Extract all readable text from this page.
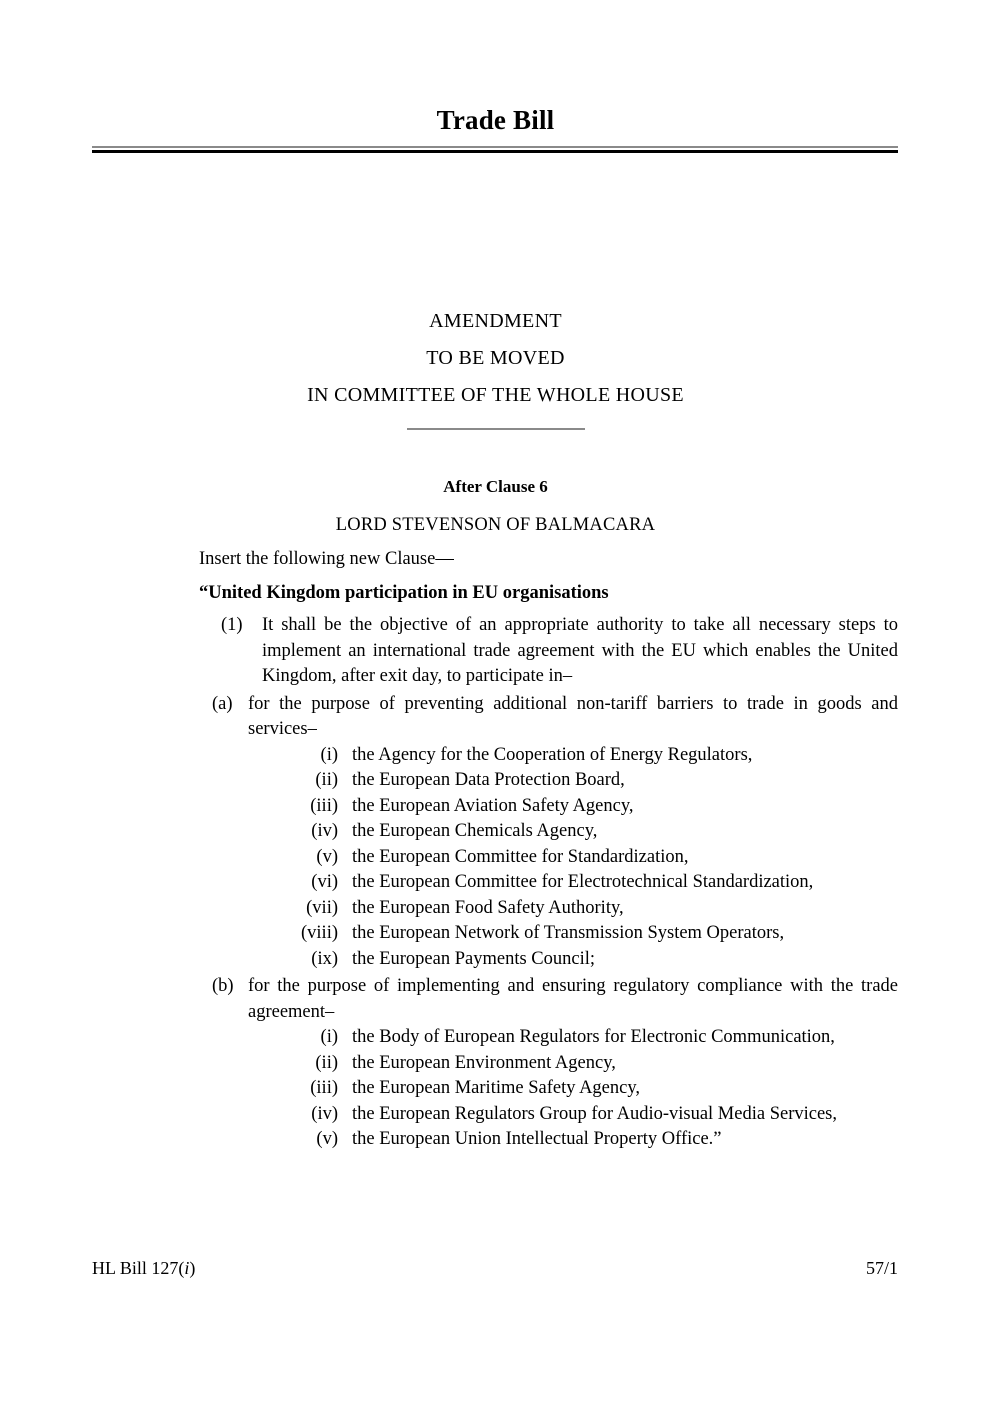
Trade Bill
AMENDMENT
TO BE MOVED
IN COMMITTEE OF THE WHOLE HOUSE
After Clause 6
LORD STEVENSON OF BALMACARA

Insert the following new Clause—

“United Kingdom participation in EU organisations

(1)	It shall be the objective of an appropriate authority to take all necessary steps to implement an international trade agreement with the EU which enables the United Kingdom, after exit day, to participate in–
(a) for the purpose of preventing additional non-tariff barriers to trade in goods and services–
(i) the Agency for the Cooperation of Energy Regulators,
(ii) the European Data Protection Board,
(iii) the European Aviation Safety Agency,
(iv) the European Chemicals Agency,
(v) the European Committee for Standardization,
(vi) the European Committee for Electrotechnical Standardization,
(vii) the European Food Safety Authority,
(viii) the European Network of Transmission System Operators,
(ix) the European Payments Council;
(b) for the purpose of implementing and ensuring regulatory compliance with the trade agreement–
(i) the Body of European Regulators for Electronic Communication,
(ii) the European Environment Agency,
(iii) the European Maritime Safety Agency,
(iv) the European Regulators Group for Audio-visual Media Services,
(v) the European Union Intellectual Property Office.”
HL Bill 127(i)	57/1
